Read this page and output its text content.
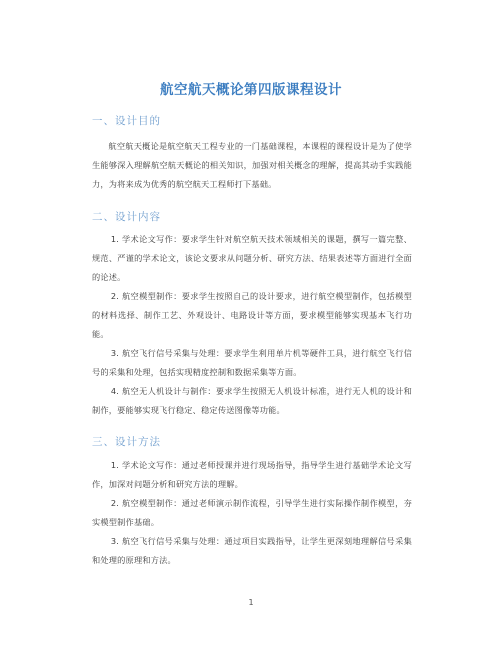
航空航天概论第四版课程设计
一、设计目的
航空航天概论是航空航天工程专业的一门基础课程，本课程的课程设计是为了使学生能够深入理解航空航天概论的相关知识，加强对相关概念的理解，提高其动手实践能力，为将来成为优秀的航空航天工程师打下基础。
二、设计内容
1. 学术论文写作：要求学生针对航空航天技术领域相关的课题，撰写一篇完整、规范、严谨的学术论文，该论文要求从问题分析、研究方法、结果表述等方面进行全面的论述。
2. 航空模型制作：要求学生按照自己的设计要求，进行航空模型制作，包括模型的材料选择、制作工艺、外观设计、电路设计等方面，要求模型能够实现基本飞行功能。
3. 航空飞行信号采集与处理：要求学生利用单片机等硬件工具，进行航空飞行信号的采集和处理，包括实现精度控制和数据采集等方面。
4. 航空无人机设计与制作：要求学生按照无人机设计标准，进行无人机的设计和制作，要能够实现飞行稳定、稳定传送图像等功能。
三、设计方法
1. 学术论文写作：通过老师授课并进行现场指导，指导学生进行基础学术论文写作，加深对问题分析和研究方法的理解。
2. 航空模型制作：通过老师演示制作流程，引导学生进行实际操作制作模型，夯实模型制作基础。
3. 航空飞行信号采集与处理：通过项目实践指导，让学生更深刻地理解信号采集和处理的原理和方法。
1
